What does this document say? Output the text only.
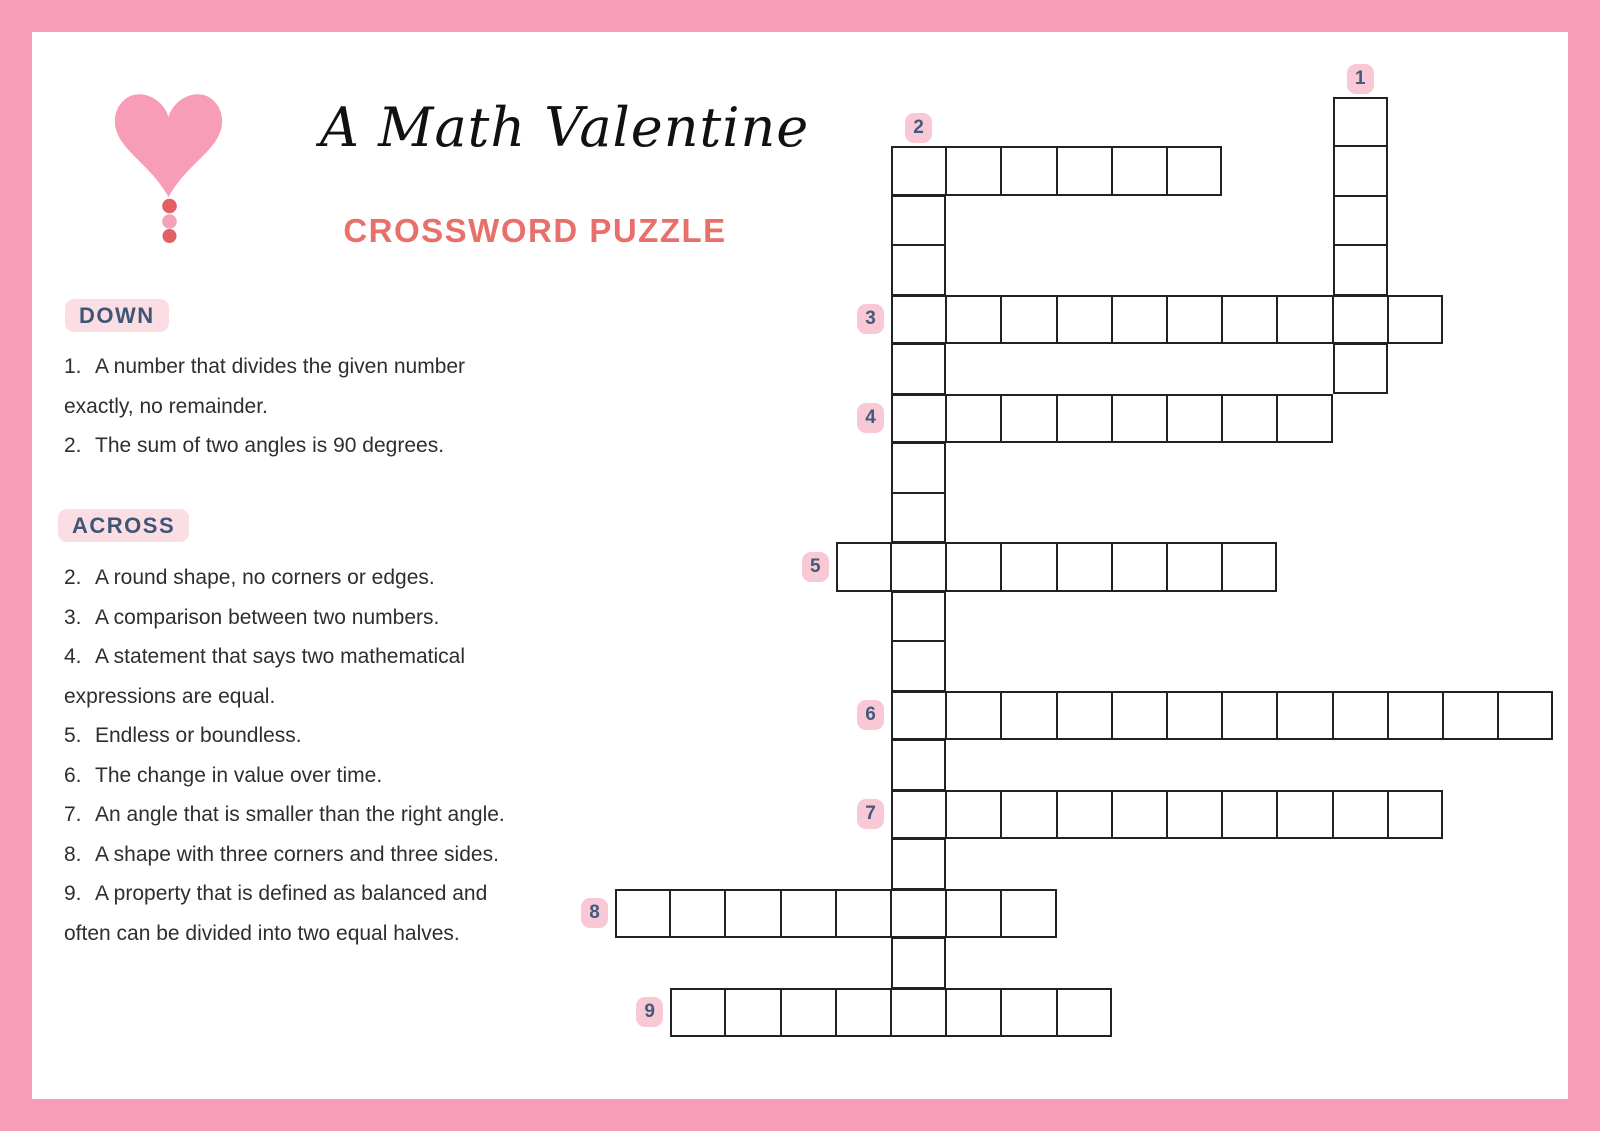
A Math Valentine
CROSSWORD PUZZLE
DOWN
1. A number that divides the given number
exactly, no remainder.
2. The sum of two angles is 90 degrees.
ACROSS
2. A round shape, no corners or edges.
3. A comparison between two numbers.
4. A statement that says two mathematical
expressions are equal.
5. Endless or boundless.
6. The change in value over time.
7. An angle that is smaller than the right angle.
8. A shape with three corners and three sides.
9. A property that is defined as balanced and
often can be divided into two equal halves.
2
1
3
4
5
6
7
8
9
